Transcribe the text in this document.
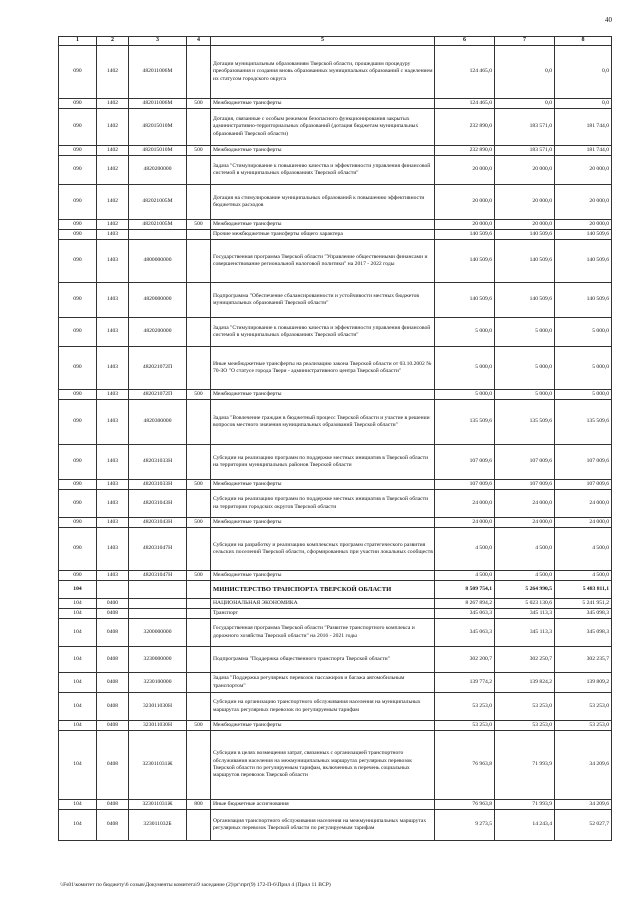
40
1	2	3	4	5	6	7	8
090	1402	482011006М		Дотации муниципальным образованиям Тверской области, прошедшим процедуру преобразования и создания вновь образованных муниципальных образований с наделением их статусом городского округа	124 465,0	0,0	0,0
090	1402	482011006М	500	Межбюджетные трансферты	124 465,0	0,0	0,0
090	1402	482015010М		Дотация, связанные с особым режимом безопасного функционирования закрытых административно-территориальных образований (дотация бюджетам муниципальных образований Тверской области)	232 890,0	183 571,0	181 744,0
090	1402	482015010М	500	Межбюджетные трансферты	232 890,0	183 571,0	181 744,0
090	1402	4820200000		Задача "Стимулирование к повышению качества и эффективности управления финансовой системой в муниципальных образованиях Тверской области"	20 000,0	20 000,0	20 000,0
090	1402	482021005М		Дотация на стимулирование муниципальных образований к повышению эффективности бюджетных расходов	20 000,0	20 000,0	20 000,0
090	1402	482021005М	500	Межбюджетные трансферты	20 000,0	20 000,0	20 000,0
090	1403			Прочие межбюджетные трансферты общего характера	140 509,6	140 509,6	140 509,6
090	1403	4800000000		Государственная программа Тверской области "Управление общественными финансами и совершенствование региональной налоговой политики" на 2017 - 2022 годы	140 509,6	140 509,6	140 509,6
090	1403	4820000000		Подпрограмма "Обеспечение сбалансированности и устойчивости местных бюджетов муниципальных образований Тверской области"	140 509,6	140 509,6	140 509,6
090	1403	4820200000		Задача "Стимулирование к повышению качества и эффективности управления финансовой системой в муниципальных образованиях Тверской области"	5 000,0	5 000,0	5 000,0
090	1403	482021072П		Иные межбюджетные трансферты на реализацию закона Тверской области от 03.10.2002 № 70-ЗО "О статусе города Твери - административного центра Тверской области"	5 000,0	5 000,0	5 000,0
090	1403	482021072П	500	Межбюджетные трансферты	5 000,0	5 000,0	5 000,0
090	1403	4820300000		Задача "Вовлечение граждан в бюджетный процесс Тверской области и участие в решении вопросов местного значения муниципальных образований Тверской области"	135 509,6	135 509,6	135 509,6
090	1403	482031033Н		Субсидии на реализацию программ по поддержке местных инициатив в Тверской области на территории муниципальных районов Тверской области	107 009,6	107 009,6	107 009,6
090	1403	482031033Н	500	Межбюджетные трансферты	107 009,6	107 009,6	107 009,6
090	1403	482031043Н		Субсидии на реализацию программ по поддержке местных инициатив в Тверской области на территории городских округов Тверской области	24 000,0	24 000,0	24 000,0
090	1403	482031043Н	500	Межбюджетные трансферты	24 000,0	24 000,0	24 000,0
090	1403	482031047Н		Субсидии на разработку и реализацию комплексных программ стратегического развития сельских поселений Тверской области, сформированных при участии локальных сообществ	4 500,0	4 500,0	4 500,0
090	1403	482031047Н	500	Межбюджетные трансферты	4 500,0	4 500,0	4 500,0
104				МИНИСТЕРСТВО ТРАНСПОРТА ТВЕРСКОЙ ОБЛАСТИ	8 509 754,1	5 264 990,5	5 483 811,1
104	0400			НАЦИОНАЛЬНАЯ ЭКОНОМИКА	8 267 894,2	5 023 130,6	5 241 951,2
104	0408			Транспорт	345 063,3	345 113,3	345 098,3
104	0408	3200000000		Государственная программа Тверской области "Развитие транспортного комплекса и дорожного хозяйства Тверской области" на 2016 - 2021 годы	345 063,3	345 113,3	345 098,3
104	0408	3230000000		Подпрограмма "Поддержка общественного транспорта Тверской области"	302 200,7	302 250,7	302 235,7
104	0408	3230100000		Задача "Поддержка регулярных перевозок пассажиров и багажа автомобильным транспортом"	139 774,2	139 824,2	139 809,2
104	0408	323011030Н		Субсидии на организацию транспортного обслуживания населения на муниципальных маршрутах регулярных перевозок по регулируемым тарифам	53 253,0	53 253,0	53 253,0
104	0408	323011030Н	500	Межбюджетные трансферты	53 253,0	53 253,0	53 253,0
104	0408	323011031Ж		Субсидии в целях возмещения затрат, связанных с организацией транспортного обслуживания населения на межмуниципальных маршрутах регулярных перевозок Тверской области по регулируемым тарифам, включенных в перечень социальных маршрутов перевозок Тверской области	76 963,8	71 993,9	34 209,6
104	0408	323011031Ж	800	Иные бюджетные ассигнования	76 963,8	71 993,9	34 209,6
104	0408	323011032Б		Организация транспортного обслуживания населения на межмуниципальных маршрутах регулярных перевозок Тверской области по регулируемым тарифам	9 273,5	14 243,4	52 027,7
\\Fs01\комитет по бюджету\6 созыв\Документы комитета\9 заседание (2)\рг\прг(9) 172-П-6\Прил 4 (Прил 11 ВСР)
